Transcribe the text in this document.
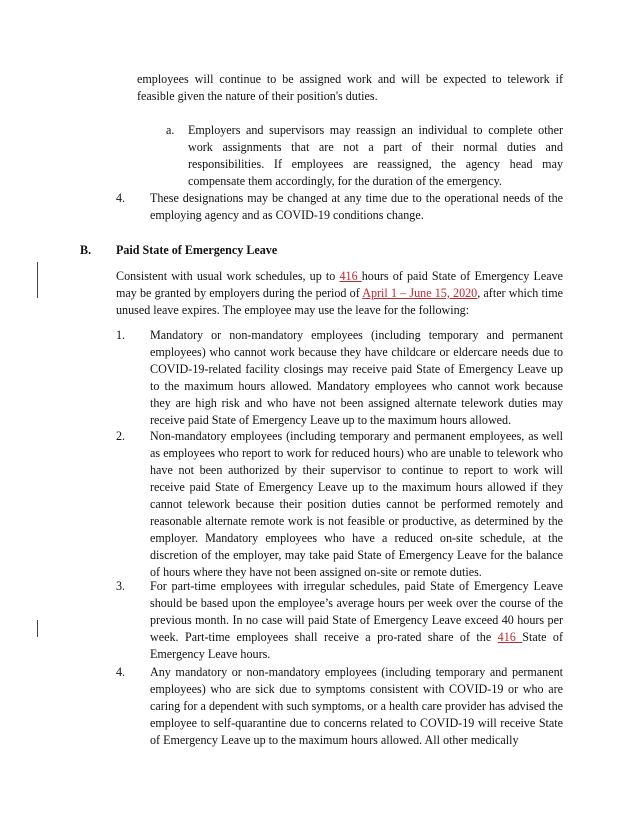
employees will continue to be assigned work and will be expected to telework if feasible given the nature of their position's duties.
a. Employers and supervisors may reassign an individual to complete other work assignments that are not a part of their normal duties and responsibilities. If employees are reassigned, the agency head may compensate them accordingly, for the duration of the emergency.
4. These designations may be changed at any time due to the operational needs of the employing agency and as COVID-19 conditions change.
B. Paid State of Emergency Leave
Consistent with usual work schedules, up to 416 hours of paid State of Emergency Leave may be granted by employers during the period of April 1 – June 15, 2020, after which time unused leave expires. The employee may use the leave for the following:
1. Mandatory or non-mandatory employees (including temporary and permanent employees) who cannot work because they have childcare or eldercare needs due to COVID-19-related facility closings may receive paid State of Emergency Leave up to the maximum hours allowed. Mandatory employees who cannot work because they are high risk and who have not been assigned alternate telework duties may receive paid State of Emergency Leave up to the maximum hours allowed.
2. Non-mandatory employees (including temporary and permanent employees, as well as employees who report to work for reduced hours) who are unable to telework who have not been authorized by their supervisor to continue to report to work will receive paid State of Emergency Leave up to the maximum hours allowed if they cannot telework because their position duties cannot be performed remotely and reasonable alternate remote work is not feasible or productive, as determined by the employer. Mandatory employees who have a reduced on-site schedule, at the discretion of the employer, may take paid State of Emergency Leave for the balance of hours where they have not been assigned on-site or remote duties.
3. For part-time employees with irregular schedules, paid State of Emergency Leave should be based upon the employee’s average hours per week over the course of the previous month. In no case will paid State of Emergency Leave exceed 40 hours per week. Part-time employees shall receive a pro-rated share of the 416 State of Emergency Leave hours.
4. Any mandatory or non-mandatory employees (including temporary and permanent employees) who are sick due to symptoms consistent with COVID-19 or who are caring for a dependent with such symptoms, or a health care provider has advised the employee to self-quarantine due to concerns related to COVID-19 will receive State of Emergency Leave up to the maximum hours allowed. All other medically
